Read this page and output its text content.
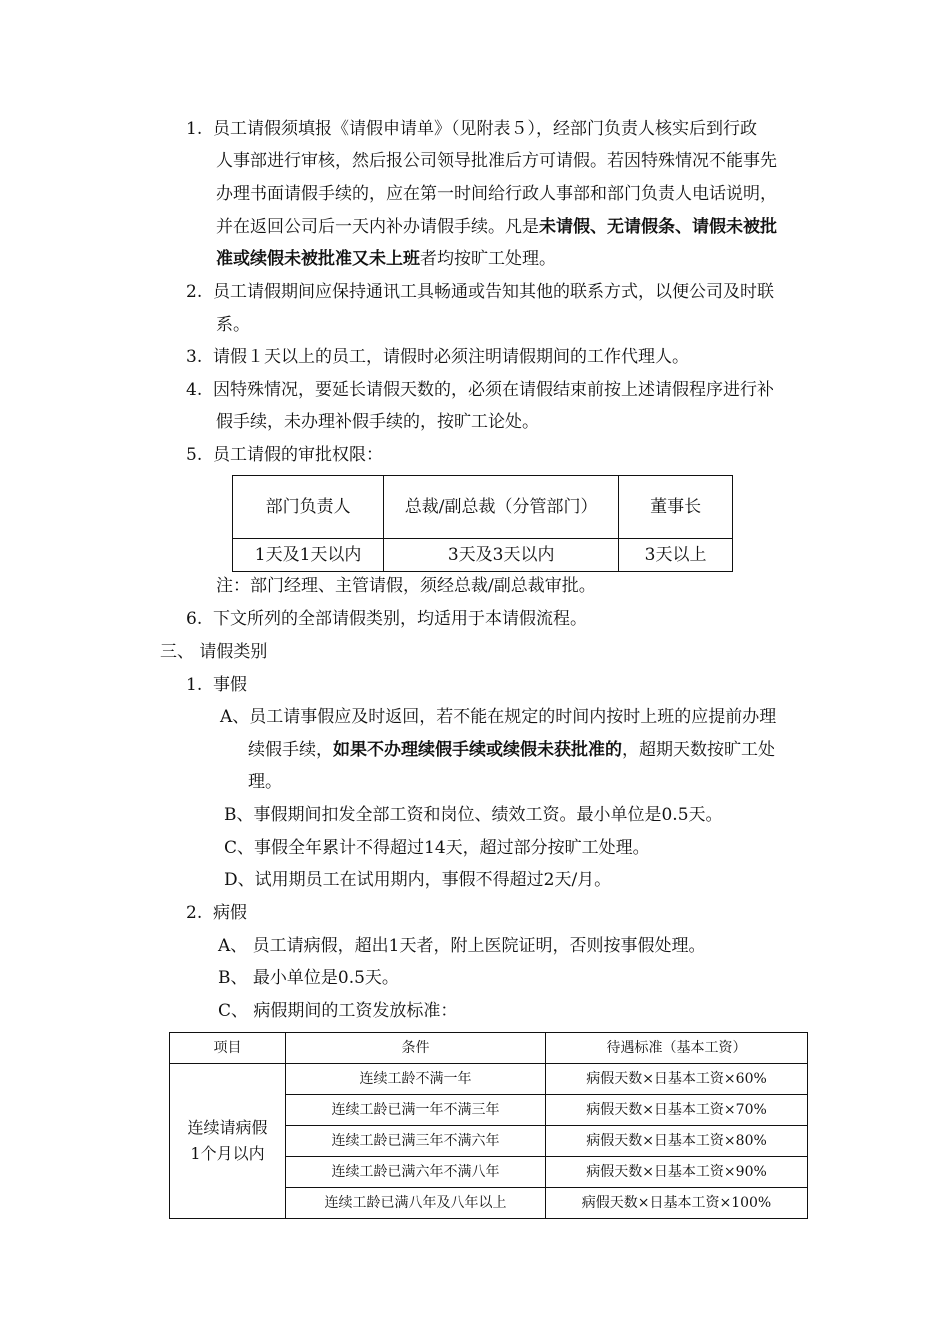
1. 员工请假须填报《请假申请单》（见附表５），经部门负责人核实后到行政
人事部进行审核，然后报公司领导批准后方可请假。若因特殊情况不能事先
办理书面请假手续的，应在第一时间给行政人事部和部门负责人电话说明，
并在返回公司后一天内补办请假手续。凡是未请假、无请假条、请假未被批
准或续假未被批准又未上班者均按旷工处理。
2. 员工请假期间应保持通讯工具畅通或告知其他的联系方式，以便公司及时联
系。
3. 请假１天以上的员工，请假时必须注明请假期间的工作代理人。
4. 因特殊情况，要延长请假天数的，必须在请假结束前按上述请假程序进行补
假手续，未办理补假手续的，按旷工论处。
5. 员工请假的审批权限：
部门负责人	总裁/副总裁（分管部门）	董事长
1天及1天以内	3天及3天以内	3天以上
注：部门经理、主管请假，须经总裁/副总裁审批。
6. 下文所列的全部请假类别，均适用于本请假流程。
三、 请假类别
1. 事假
A、员工请事假应及时返回，若不能在规定的时间内按时上班的应提前办理
续假手续，如果不办理续假手续或续假未获批准的，超期天数按旷工处
理。
B、事假期间扣发全部工资和岗位、绩效工资。最小单位是0.5天。
C、事假全年累计不得超过14天，超过部分按旷工处理。
D、试用期员工在试用期内，事假不得超过2天/月。
2. 病假
A、 员工请病假，超出1天者，附上医院证明，否则按事假处理。
B、 最小单位是0.5天。
C、 病假期间的工资发放标准：
项目	条件	待遇标准（基本工资）
连续请病假
1个月以内	连续工龄不满一年	病假天数×日基本工资×60%
	连续工龄已满一年不满三年	病假天数×日基本工资×70%
	连续工龄已满三年不满六年	病假天数×日基本工资×80%
	连续工龄已满六年不满八年	病假天数×日基本工资×90%
	连续工龄已满八年及八年以上	病假天数×日基本工资×100%
